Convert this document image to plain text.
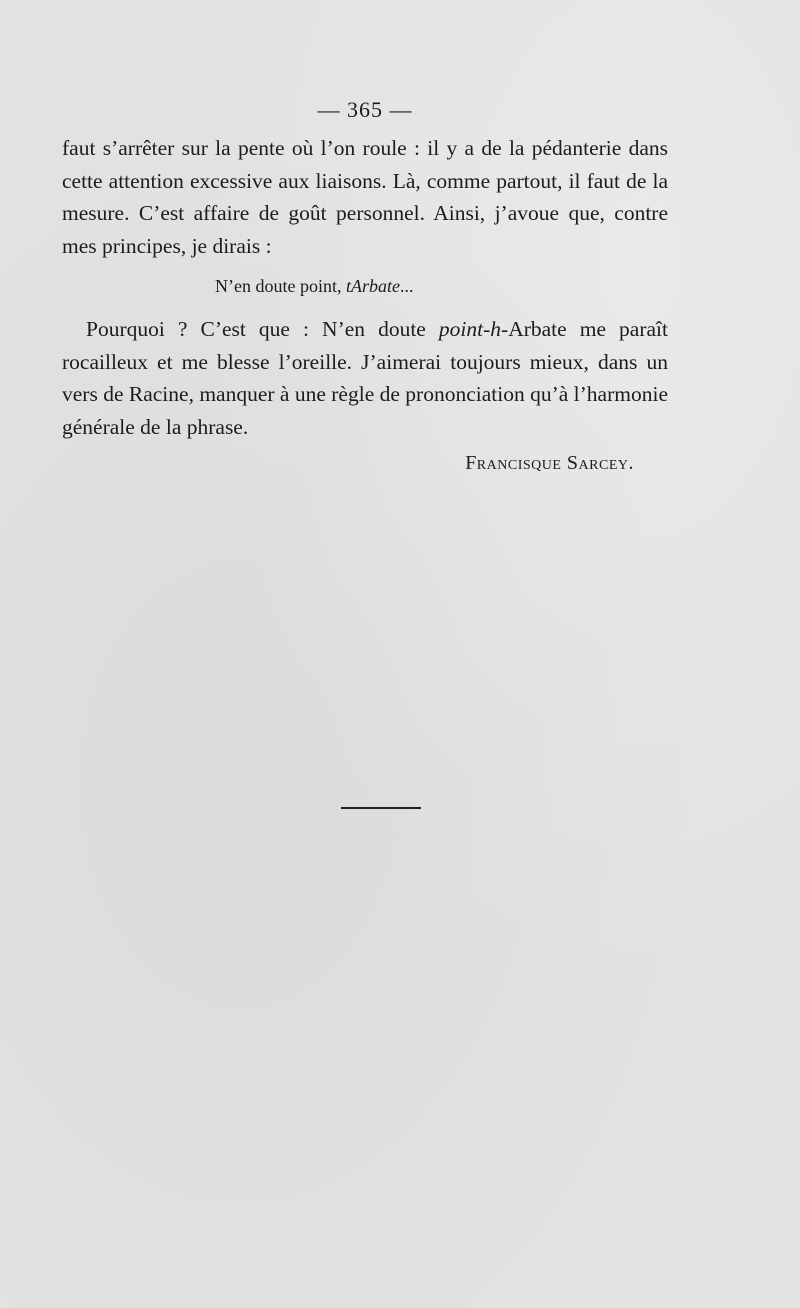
— 365 —

faut s’arrêter sur la pente où l’on roule : il y a de la pédanterie dans cette attention excessive aux liaisons. Là, comme partout, il faut de la mesure. C’est affaire de goût personnel. Ainsi, j’avoue que, contre mes principes, je dirais :

N’en doute point, tArbate...

Pourquoi ? C’est que : N’en doute point-h-Arbate me paraît rocailleux et me blesse l’oreille. J’aimerai toujours mieux, dans un vers de Racine, manquer à une règle de prononciation qu’à l’harmonie générale de la phrase.

Francisque Sarcey.
